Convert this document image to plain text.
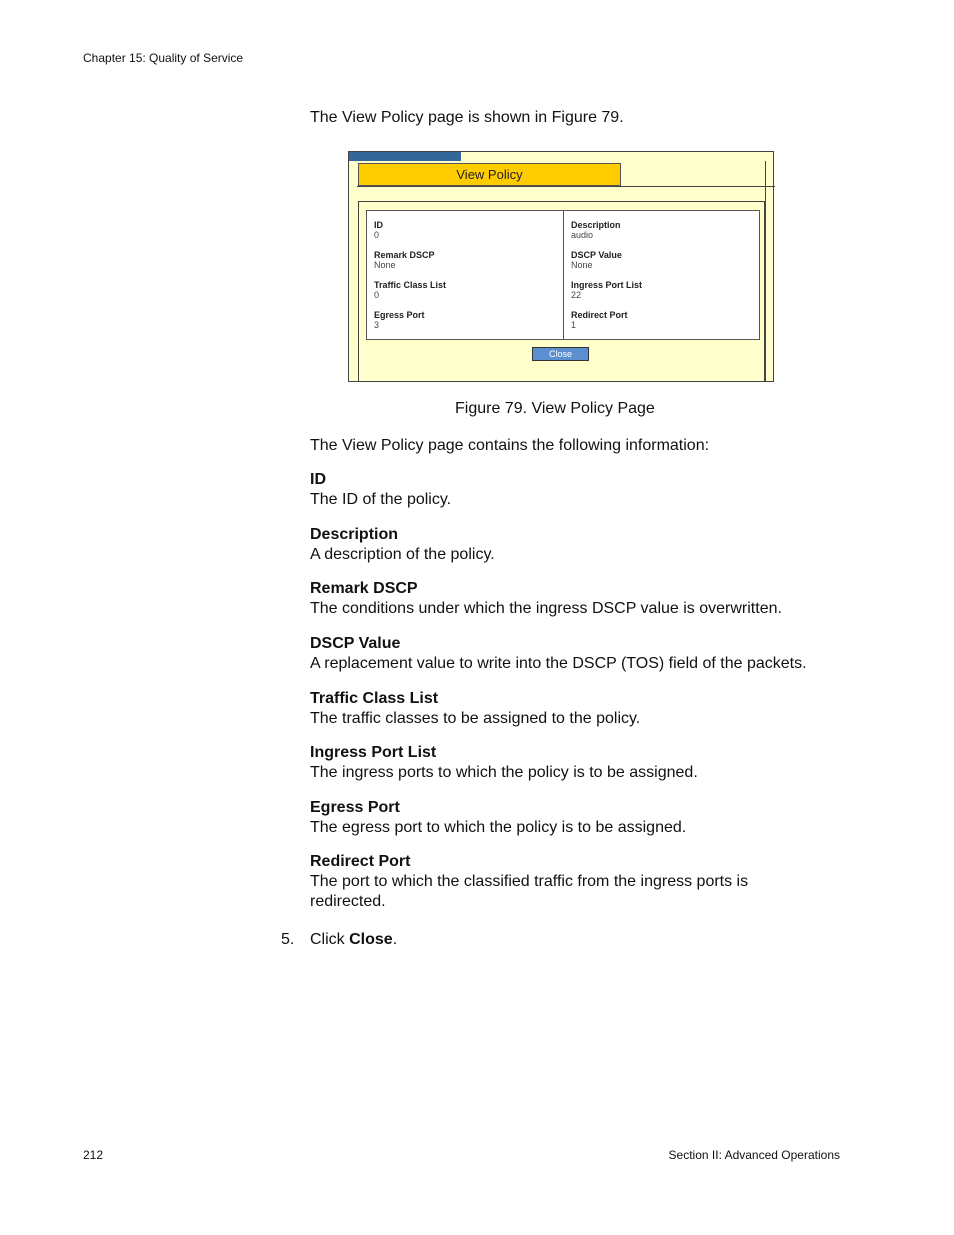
Chapter 15: Quality of Service
The View Policy page is shown in Figure 79.
View Policy
ID
0
Description
audio
Remark DSCP
None
DSCP Value
None
Traffic Class List
0
Ingress Port List
22
Egress Port
3
Redirect Port
1
Close
Figure 79. View Policy Page
The View Policy page contains the following information:
ID
The ID of the policy.
Description
A description of the policy.
Remark DSCP
The conditions under which the ingress DSCP value is overwritten.
DSCP Value
A replacement value to write into the DSCP (TOS) field of the packets.
Traffic Class List
The traffic classes to be assigned to the policy.
Ingress Port List
The ingress ports to which the policy is to be assigned.
Egress Port
The egress port to which the policy is to be assigned.
Redirect Port
The port to which the classified traffic from the ingress ports is redirected.
5. Click Close.
212	Section II: Advanced Operations
